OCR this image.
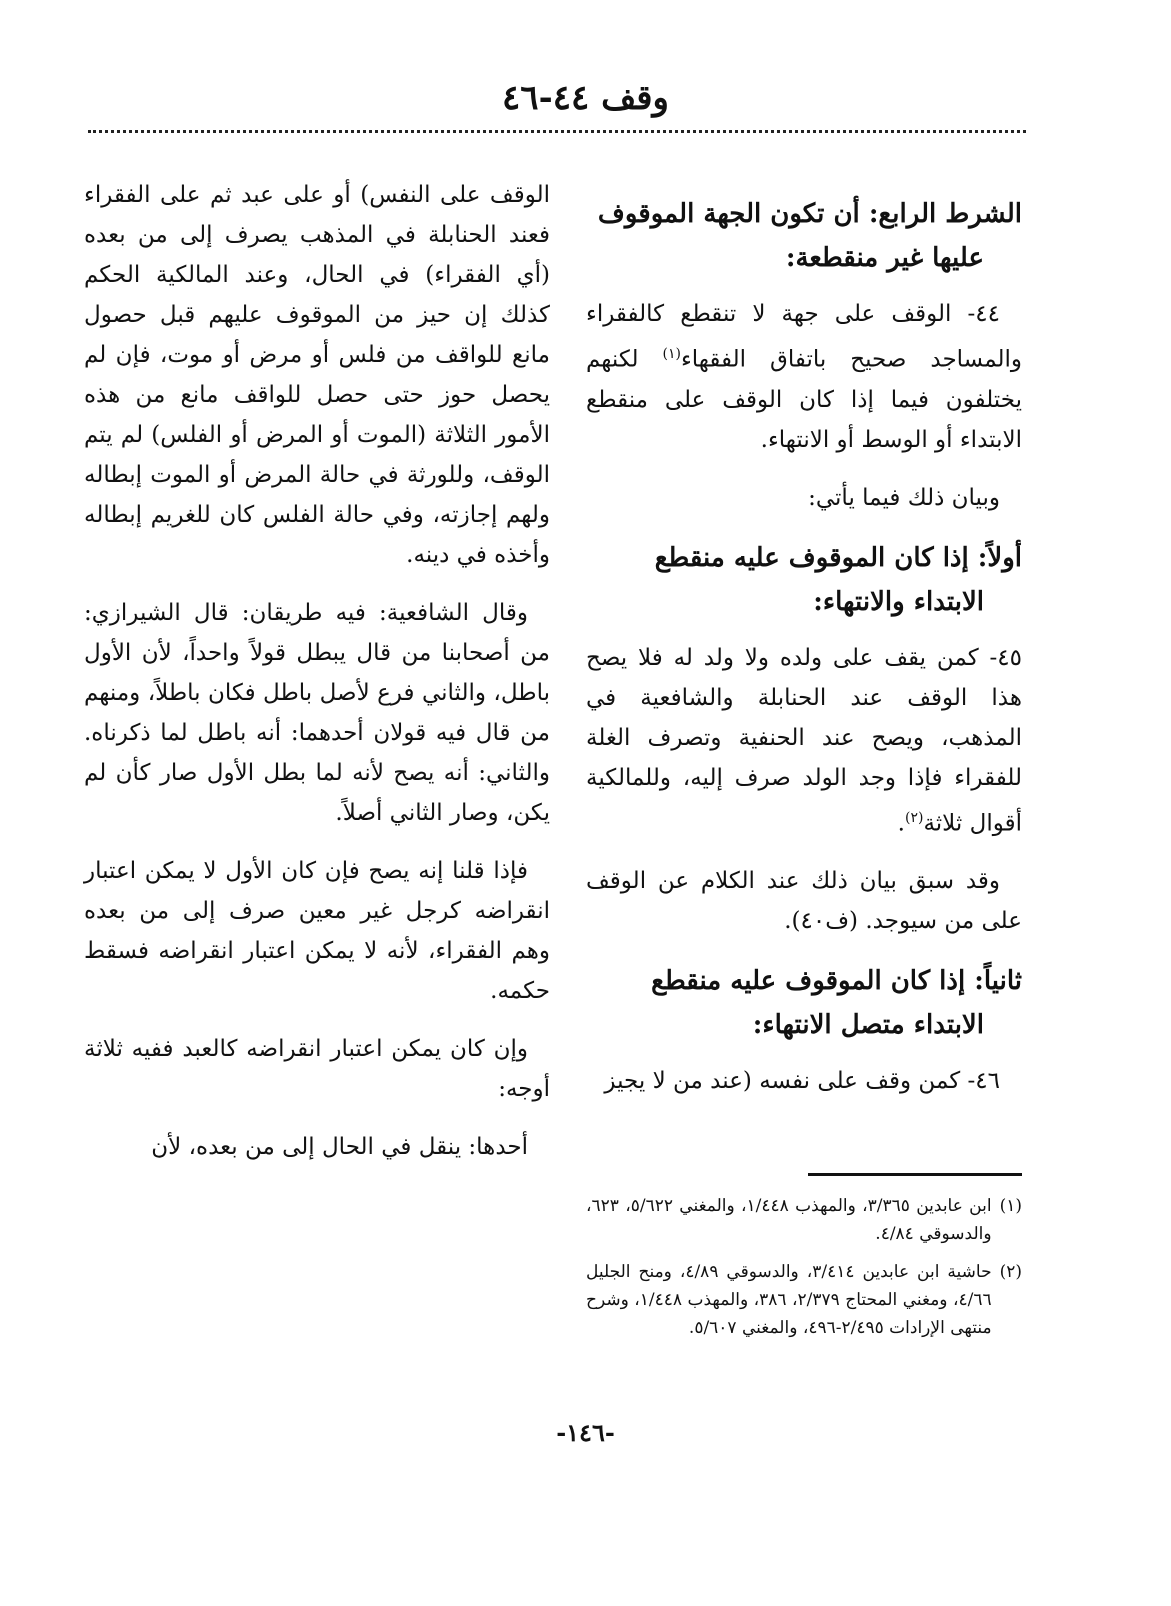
وقف ٤٤-٤٦
الشرط الرابع: أن تكون الجهة الموقوف
عليها غير منقطعة:

٤٤- الوقف على جهة لا تنقطع كالفقراء والمساجد صحيح باتفاق الفقهاء$^{(١)}$ لكنهم يختلفون فيما إذا كان الوقف على منقطع الابتداء أو الوسط أو الانتهاء.

وبيان ذلك فيما يأتي:

أولاً: إذا كان الموقوف عليه منقطع
الابتداء والانتهاء:

٤٥- كمن يقف على ولده ولا ولد له فلا يصح هذا الوقف عند الحنابلة والشافعية في المذهب، ويصح عند الحنفية وتصرف الغلة للفقراء فإذا وجد الولد صرف إليه، وللمالكية أقوال ثلاثة$^{(٢)}$.

وقد سبق بيان ذلك عند الكلام عن الوقف على من سيوجد. (ف٤٠).

ثانياً: إذا كان الموقوف عليه منقطع
الابتداء متصل الانتهاء:

٤٦- كمن وقف على نفسه (عند من لا يجيز

(١)
ابن عابدين ٣/٣٦٥، والمهذب ١/٤٤٨، والمغني ٥/٦٢٢، ٦٢٣، والدسوقي ٤/٨٤.
(٢)
حاشية ابن عابدين ٣/٤١٤، والدسوقي ٤/٨٩، ومنح الجليل ٤/٦٦، ومغني المحتاج ٢/٣٧٩، ٣٨٦، والمهذب ١/٤٤٨، وشرح منتهى الإرادات ٢/٤٩٥-٤٩٦، والمغني ٥/٦٠٧.

الوقف على النفس) أو على عبد ثم على الفقراء فعند الحنابلة في المذهب يصرف إلى من بعده (أي الفقراء) في الحال، وعند المالكية الحكم كذلك إن حيز من الموقوف عليهم قبل حصول مانع للواقف من فلس أو مرض أو موت، فإن لم يحصل حوز حتى حصل للواقف مانع من هذه الأمور الثلاثة (الموت أو المرض أو الفلس) لم يتم الوقف، وللورثة في حالة المرض أو الموت إبطاله ولهم إجازته، وفي حالة الفلس كان للغريم إبطاله وأخذه في دينه.

وقال الشافعية: فيه طريقان: قال الشيرازي: من أصحابنا من قال يبطل قولاً واحداً، لأن الأول باطل، والثاني فرع لأصل باطل فكان باطلاً، ومنهم من قال فيه قولان أحدهما: أنه باطل لما ذكرناه. والثاني: أنه يصح لأنه لما بطل الأول صار كأن لم يكن، وصار الثاني أصلاً.

فإذا قلنا إنه يصح فإن كان الأول لا يمكن اعتبار انقراضه كرجل غير معين صرف إلى من بعده وهم الفقراء، لأنه لا يمكن اعتبار انقراضه فسقط حكمه.

وإن كان يمكن اعتبار انقراضه كالعبد ففيه ثلاثة أوجه:

أحدها: ينقل في الحال إلى من بعده، لأن

-١٤٦-
